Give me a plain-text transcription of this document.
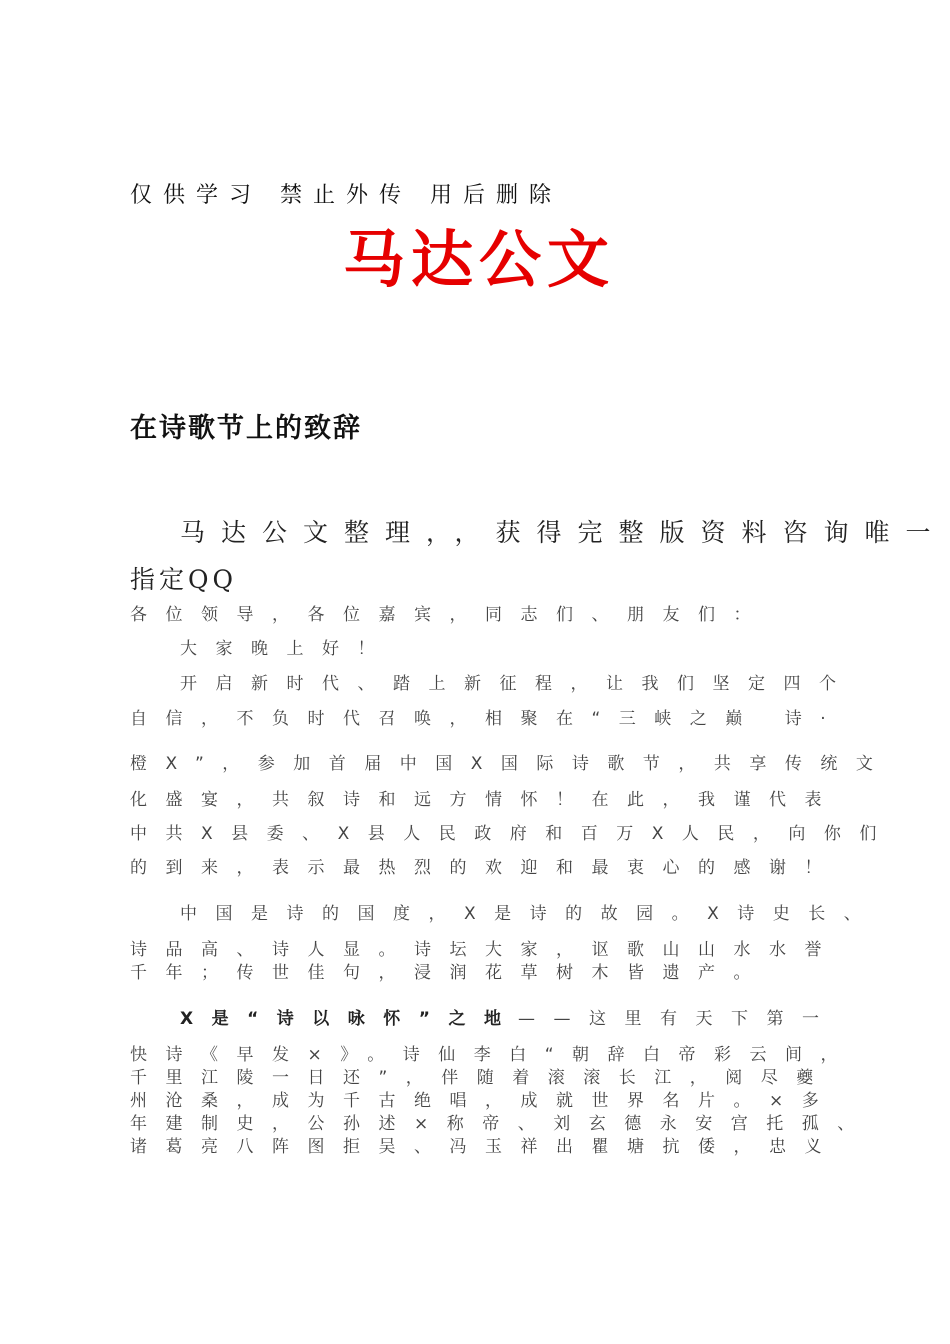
仅供学习 禁止外传 用后删除
马达公文
在诗歌节上的致辞
马达公文整理，，获得完整版资料咨询唯一
指定QQ
各位领导，各位嘉宾，同志们、朋友们：
大家晚上好！
开启新时代、踏上新征程，让我们坚定四个
自信，不负时代召唤，相聚在“三峡之巅 诗·
橙X”，参加首届中国X国际诗歌节，共享传统文
化盛宴，共叙诗和远方情怀！在此，我谨代表
中共X县委、X县人民政府和百万X人民，向你们
的到来，表示最热烈的欢迎和最衷心的感谢！
中国是诗的国度，X是诗的故园。X诗史长、
诗品高、诗人显。诗坛大家，讴歌山山水水誉
千年；传世佳句，浸润花草树木皆遗产。
X是“诗以咏怀”之地
——这里有天下第一
快诗《早发×》。诗仙李白“朝辞白帝彩云间，
千里江陵一日还”，伴随着滚滚长江，阅尽夔
州沧桑，成为千古绝唱，成就世界名片。×多
年建制史，公孙述×称帝、刘玄德永安宫托孤、
诸葛亮八阵图拒吴、冯玉祥出瞿塘抗倭，忠义
